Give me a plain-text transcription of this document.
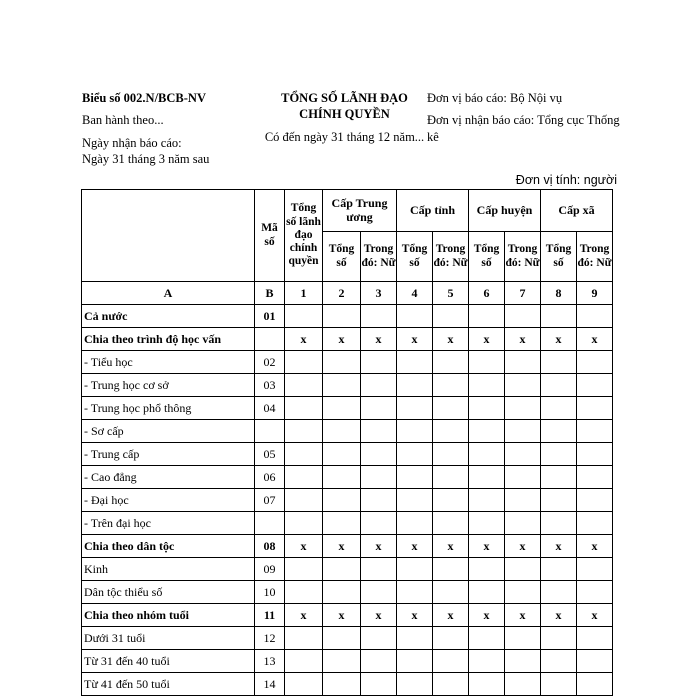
Biểu số 002.N/BCB-NV
Ban hành theo...
Ngày nhận báo cáo:
Ngày 31 tháng 3 năm sau
TỔNG SỐ LÃNH ĐẠO
CHÍNH QUYỀN
Có đến ngày 31 tháng 12 năm...
Đơn vị báo cáo: Bộ Nội vụ
Đơn vị nhận báo cáo: Tổng cục Thống kê
Đơn vị tính: người
	Mã số	Tổng số lãnh đạo chính quyền	Cấp Trung ương		Cấp tỉnh		Cấp huyện		Cấp xã	
			Tổng số	Trong đó: Nữ	Tổng số	Trong đó: Nữ	Tổng số	Trong đó: Nữ	Tổng số	Trong đó: Nữ
A	B	1	2	3	4	5	6	7	8	9
Cả nước	01									
Chia theo trình độ học vấn		x	x	x	x	x	x	x	x	x
- Tiểu học	02									
- Trung học cơ sở	03									
- Trung học phổ thông	04									
- Sơ cấp										
- Trung cấp	05									
- Cao đẳng	06									
- Đại học	07									
- Trên đại học										
Chia theo dân tộc	08	x	x	x	x	x	x	x	x	x
Kinh	09									
Dân tộc thiểu số	10									
Chia theo nhóm tuổi	11	x	x	x	x	x	x	x	x	x
Dưới 31 tuổi	12									
Từ 31 đến 40 tuổi	13									
Từ 41 đến 50 tuổi	14									
